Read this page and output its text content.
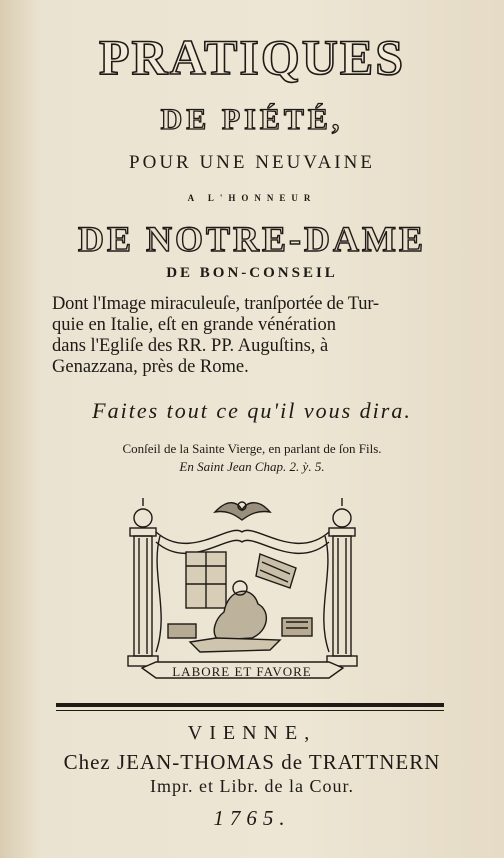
PRATIQUES
DE PIÉTÉ,
POUR UNE NEUVAINE
A L'HONNEUR
DE NOTRE-DAME
DE BON-CONSEIL
Dont l'Image miraculeuſe, tranſportée de Tur-
quie en Italie, eſt en grande vénération
dans l'Egliſe des RR. PP. Auguſtins, à
Genazzana, près de Rome.
Faites tout ce qu'il vous dira.
Conſeil de la Sainte Vierge, en parlant de ſon Fils.
En Saint Jean Chap. 2. ỳ. 5.
LABORE ET FAVORE
VIENNE,
Chez JEAN-THOMAS de TRATTNERN
Impr. et Libr. de la Cour.
1765.
